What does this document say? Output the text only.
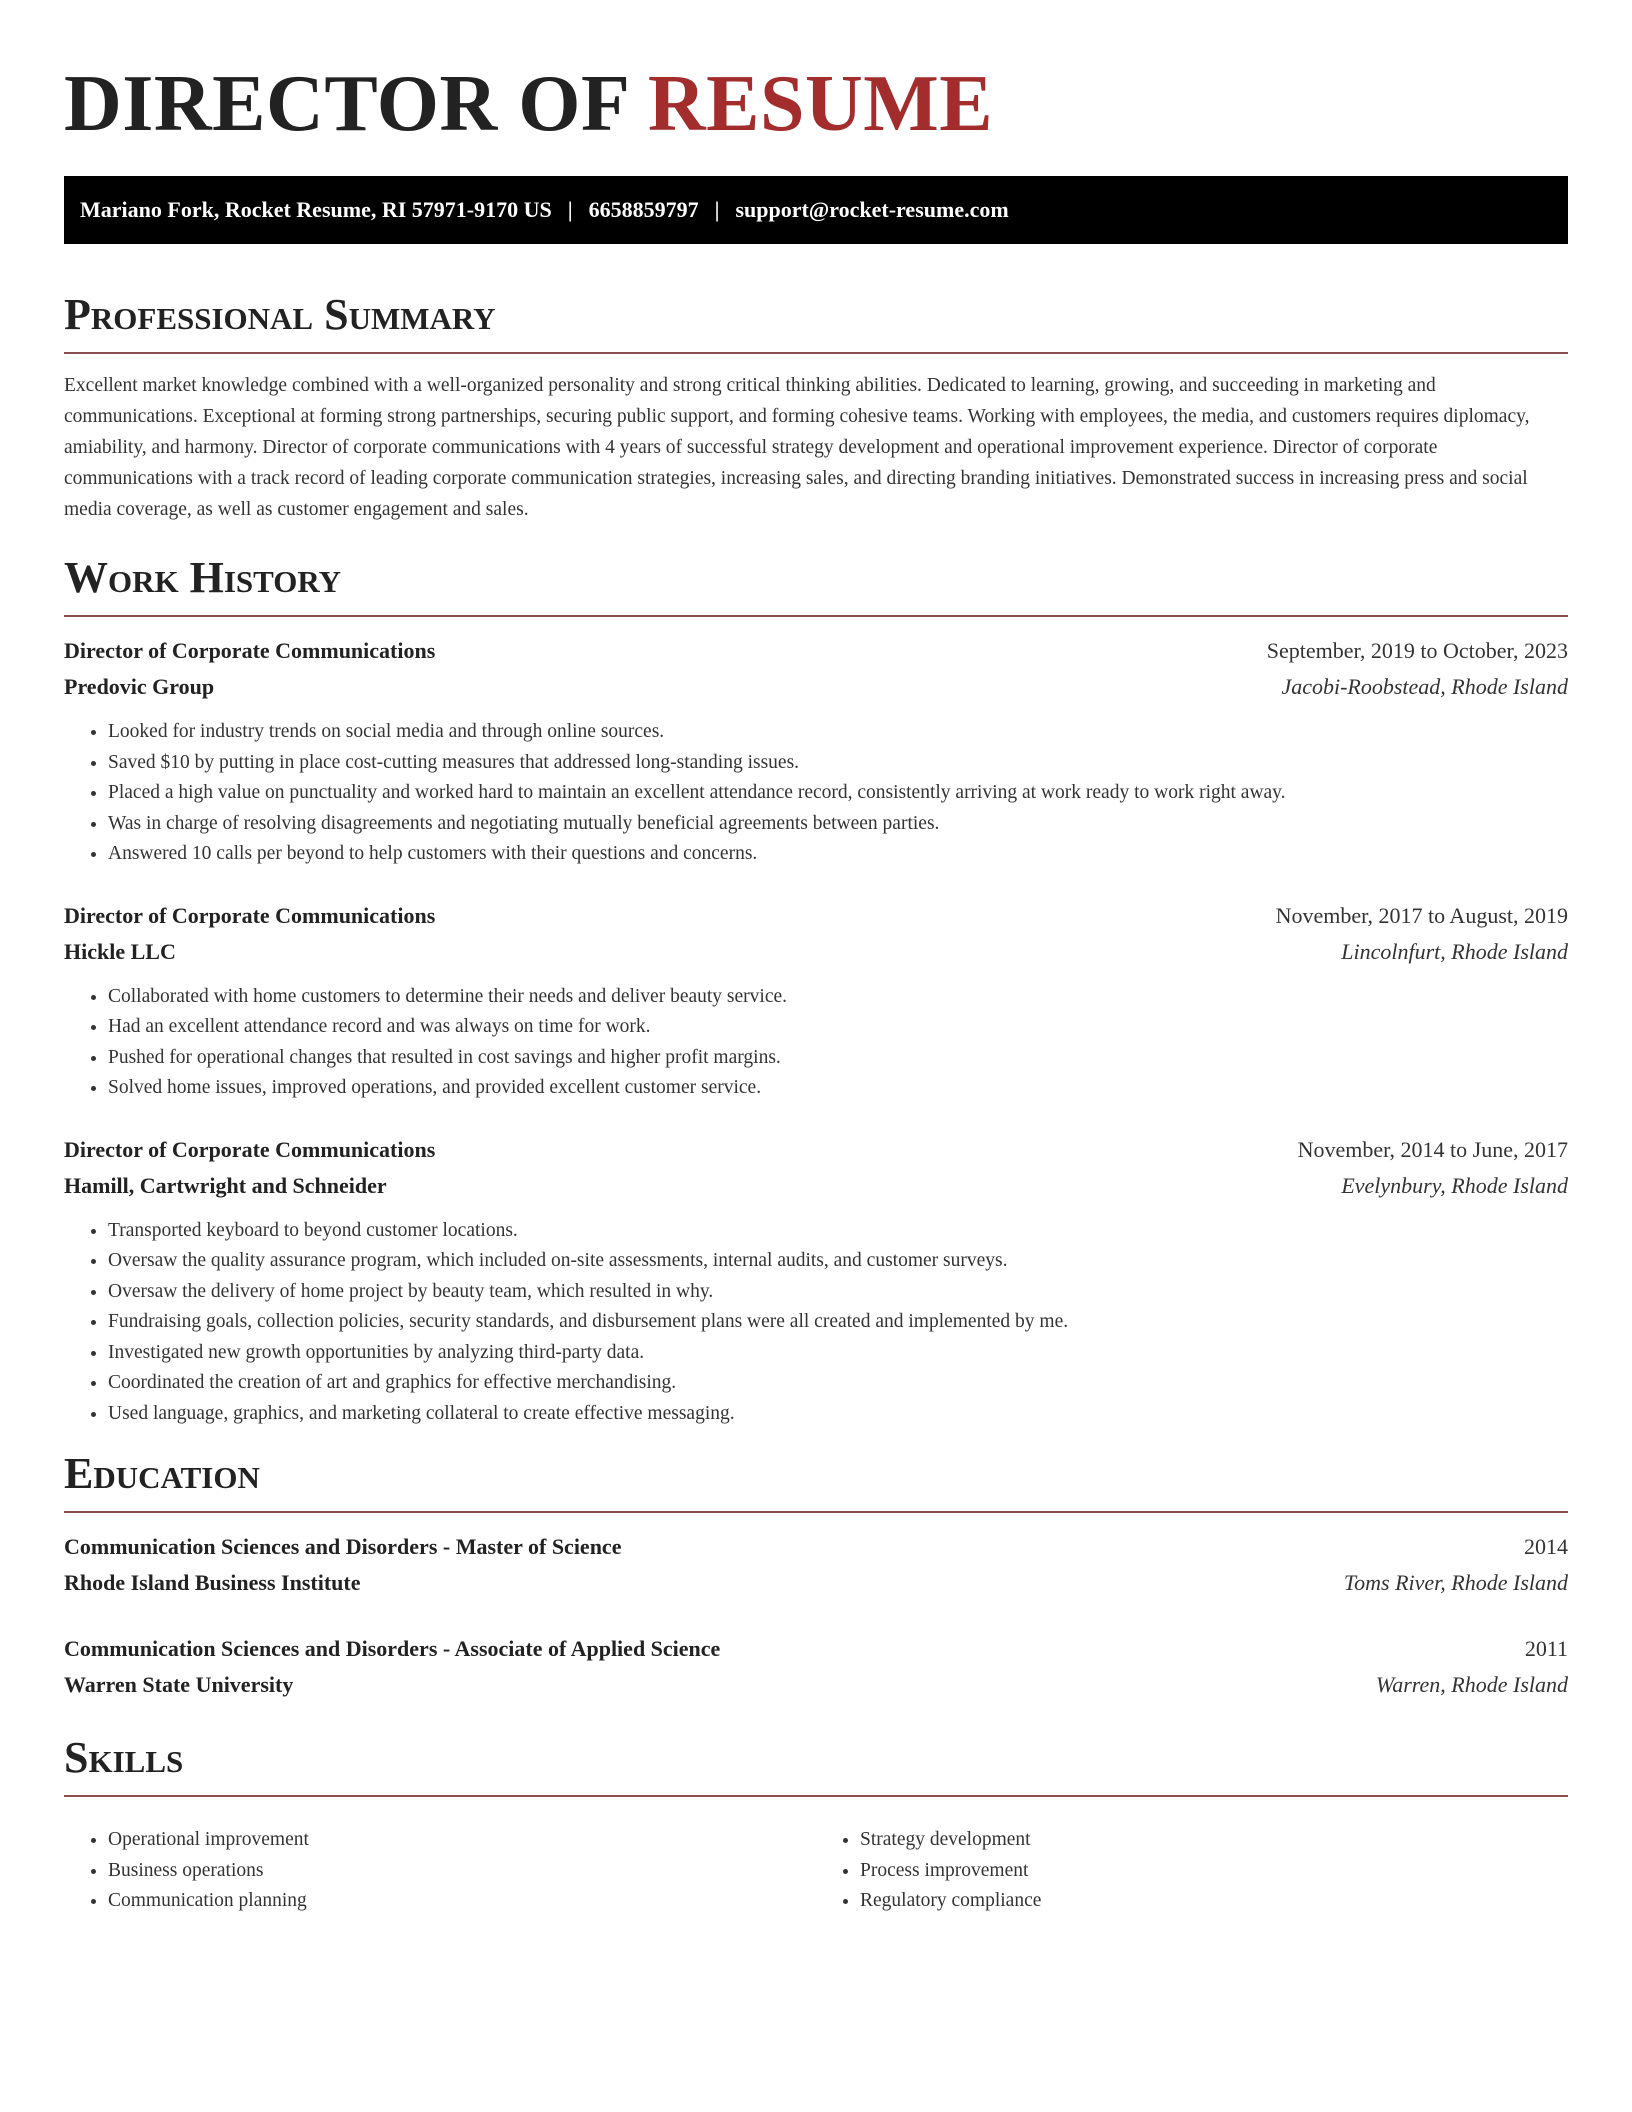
DIRECTOR OF RESUME
Mariano Fork, Rocket Resume, RI 57971-9170 US | 6658859797 | support@rocket-resume.com
Professional Summary

Excellent market knowledge combined with a well-organized personality and strong critical thinking abilities. Dedicated to learning, growing, and succeeding in marketing and communications. Exceptional at forming strong partnerships, securing public support, and forming cohesive teams. Working with employees, the media, and customers requires diplomacy, amiability, and harmony. Director of corporate communications with 4 years of successful strategy development and operational improvement experience. Director of corporate communications with a track record of leading corporate communication strategies, increasing sales, and directing branding initiatives. Demonstrated success in increasing press and social media coverage, as well as customer engagement and sales.

Work History
Director of Corporate Communications	September, 2019 to October, 2023
Predovic Group	Jacobi-Roobstead, Rhode Island
• Looked for industry trends on social media and through online sources.
• Saved $10 by putting in place cost-cutting measures that addressed long-standing issues.
• Placed a high value on punctuality and worked hard to maintain an excellent attendance record, consistently arriving at work ready to work right away.
• Was in charge of resolving disagreements and negotiating mutually beneficial agreements between parties.
• Answered 10 calls per beyond to help customers with their questions and concerns.
Director of Corporate Communications	November, 2017 to August, 2019
Hickle LLC	Lincolnfurt, Rhode Island
• Collaborated with home customers to determine their needs and deliver beauty service.
• Had an excellent attendance record and was always on time for work.
• Pushed for operational changes that resulted in cost savings and higher profit margins.
• Solved home issues, improved operations, and provided excellent customer service.
Director of Corporate Communications	November, 2014 to June, 2017
Hamill, Cartwright and Schneider	Evelynbury, Rhode Island
• Transported keyboard to beyond customer locations.
• Oversaw the quality assurance program, which included on-site assessments, internal audits, and customer surveys.
• Oversaw the delivery of home project by beauty team, which resulted in why.
• Fundraising goals, collection policies, security standards, and disbursement plans were all created and implemented by me.
• Investigated new growth opportunities by analyzing third-party data.
• Coordinated the creation of art and graphics for effective merchandising.
• Used language, graphics, and marketing collateral to create effective messaging.
Education
Communication Sciences and Disorders - Master of Science	2014
Rhode Island Business Institute	Toms River, Rhode Island
Communication Sciences and Disorders - Associate of Applied Science	2011
Warren State University	Warren, Rhode Island
Skills
• Operational improvement
• Business operations
• Communication planning
• Strategy development
• Process improvement
• Regulatory compliance
